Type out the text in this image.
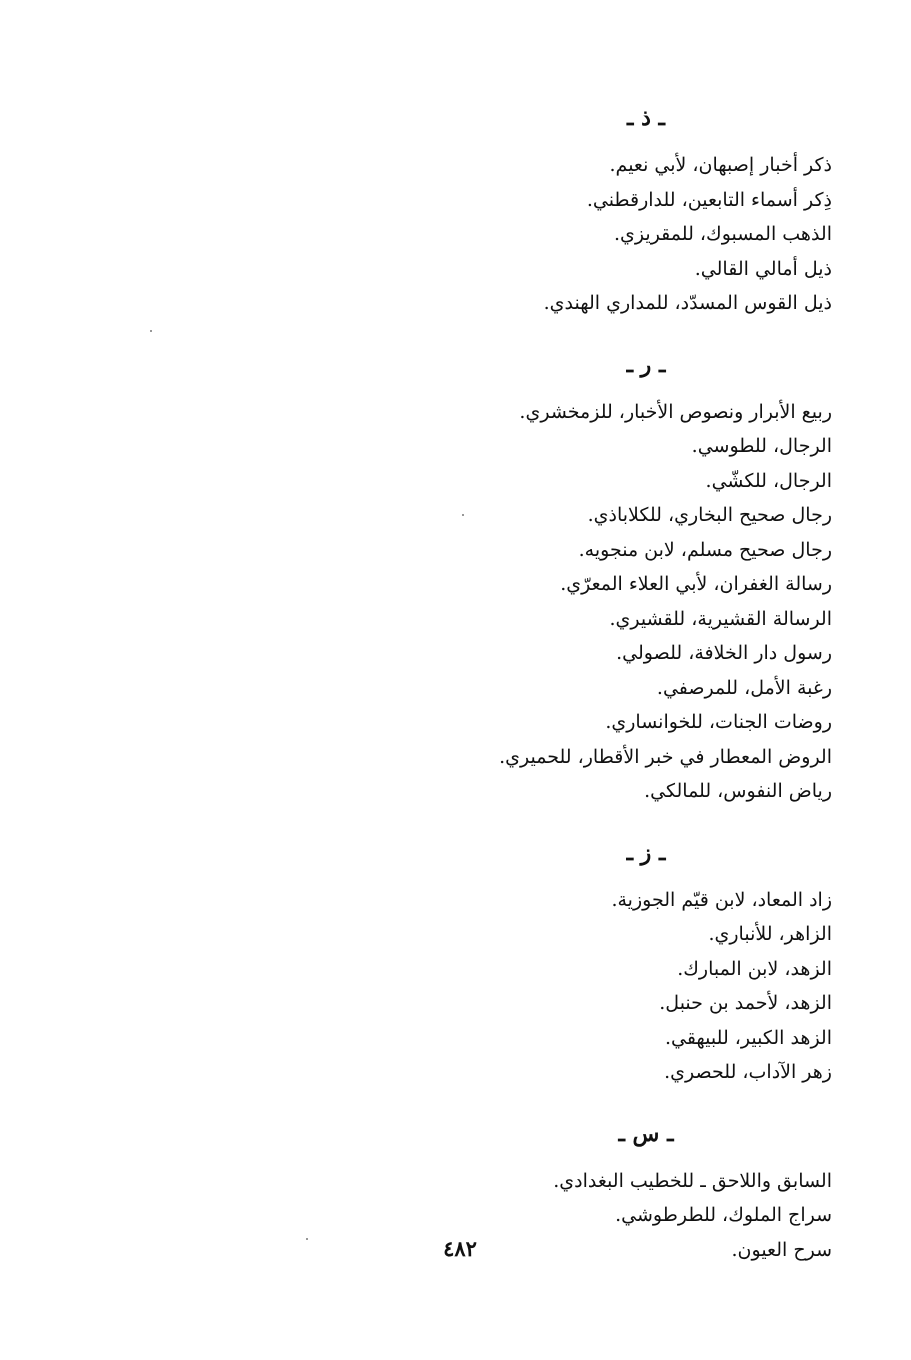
ـ ذ ـ
ذكر أخبار إصبهان، لأبي نعيم.
ذِكر أسماء التابعين، للدارقطني.
الذهب المسبوك، للمقريزي.
ذيل أمالي القالي.
ذيل القوس المسدّد، للمداري الهندي.
ـ ر ـ
ربيع الأبرار ونصوص الأخبار، للزمخشري.
الرجال، للطوسي.
الرجال، للكشّي.
رجال صحيح البخاري، للكلاباذي.
رجال صحيح مسلم، لابن منجويه.
رسالة الغفران، لأبي العلاء المعرّي.
الرسالة القشيرية، للقشيري.
رسول دار الخلافة، للصولي.
رغبة الأمل، للمرصفي.
روضات الجنات، للخوانساري.
الروض المعطار في خبر الأقطار، للحميري.
رياض النفوس، للمالكي.
ـ ز ـ
زاد المعاد، لابن قيّم الجوزية.
الزاهر، للأنباري.
الزهد، لابن المبارك.
الزهد، لأحمد بن حنبل.
الزهد الكبير، للبيهقي.
زهر الآداب، للحصري.
ـ س ـ
السابق واللاحق ـ للخطيب البغدادي.
سراج الملوك، للطرطوشي.
سرح العيون.
٤٨٢
